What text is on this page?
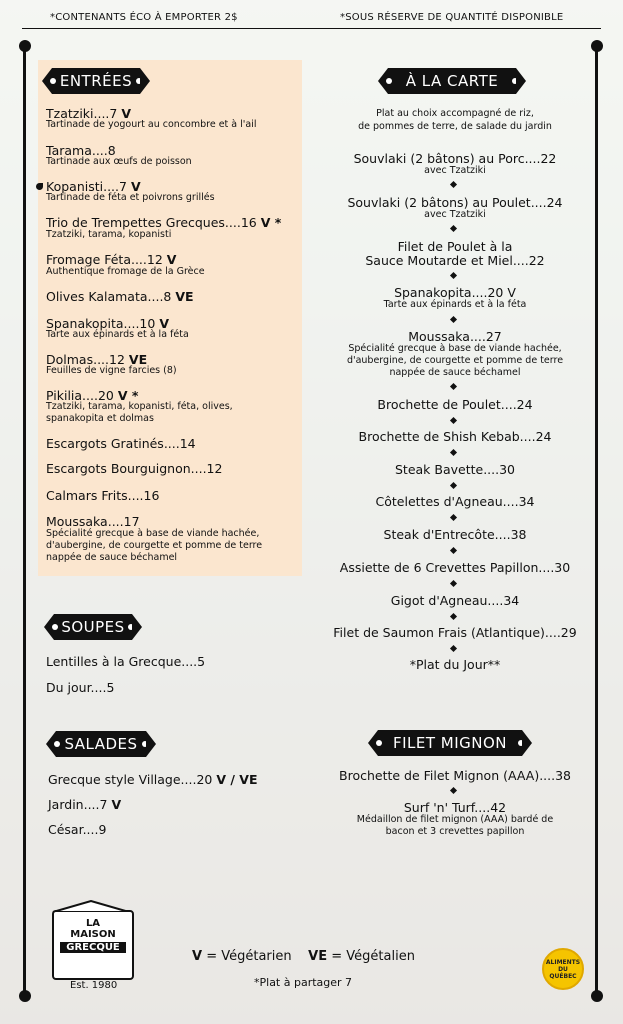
*CONTENANTS ÉCO À EMPORTER 2$	*SOUS RÉSERVE DE QUANTITÉ DISPONIBLE
ENTRÉES
Tzatziki....7 V
Tartinade de yogourt au concombre et à l'ail
Tarama....8
Tartinade aux œufs de poisson
Kopanisti....7 V
Tartinade de féta et poivrons grillés
Trio de Trempettes Grecques....16 V *
Tzatziki, tarama, kopanisti
Fromage Féta....12 V
Authentique fromage de la Grèce
Olives Kalamata....8 VE
Spanakopita....10 V
Tarte aux épinards et à la féta
Dolmas....12 VE
Feuilles de vigne farcies (8)
Pikilia....20 V *
Tzatziki, tarama, kopanisti, féta, olives,
spanakopita et dolmas
Escargots Gratinés....14
Escargots Bourguignon....12
Calmars Frits....16
Moussaka....17
Spécialité grecque à base de viande hachée,
d'aubergine, de courgette et pomme de terre
nappée de sauce béchamel
SOUPES
Lentilles à la Grecque....5
Du jour....5
SALADES
Grecque style Village....20 V / VE
Jardin....7 V
César....9
À LA CARTE
Plat au choix accompagné de riz,
de pommes de terre, de salade du jardin
Souvlaki (2 bâtons) au Porc....22
avec Tzatziki
Souvlaki (2 bâtons) au Poulet....24
avec Tzatziki
Filet de Poulet à la
Sauce Moutarde et Miel....22
Spanakopita....20 V
Tarte aux épinards et à la féta
Moussaka....27
Spécialité grecque à base de viande hachée,
d'aubergine, de courgette et pomme de terre
nappée de sauce béchamel
Brochette de Poulet....24
Brochette de Shish Kebab....24
Steak Bavette....30
Côtelettes d'Agneau....34
Steak d'Entrecôte....38
Assiette de 6 Crevettes Papillon....30
Gigot d'Agneau....34
Filet de Saumon Frais (Atlantique)....29
*Plat du Jour**
FILET MIGNON
Brochette de Filet Mignon (AAA)....38
Surf 'n' Turf....42
Médaillon de filet mignon (AAA) bardé de
bacon et 3 crevettes papillon
LA
MAISON
GRECQUE
Est. 1980
V = Végétarien VE = Végétalien
*Plat à partager 7
ALIMENTS DU QUÉBEC
